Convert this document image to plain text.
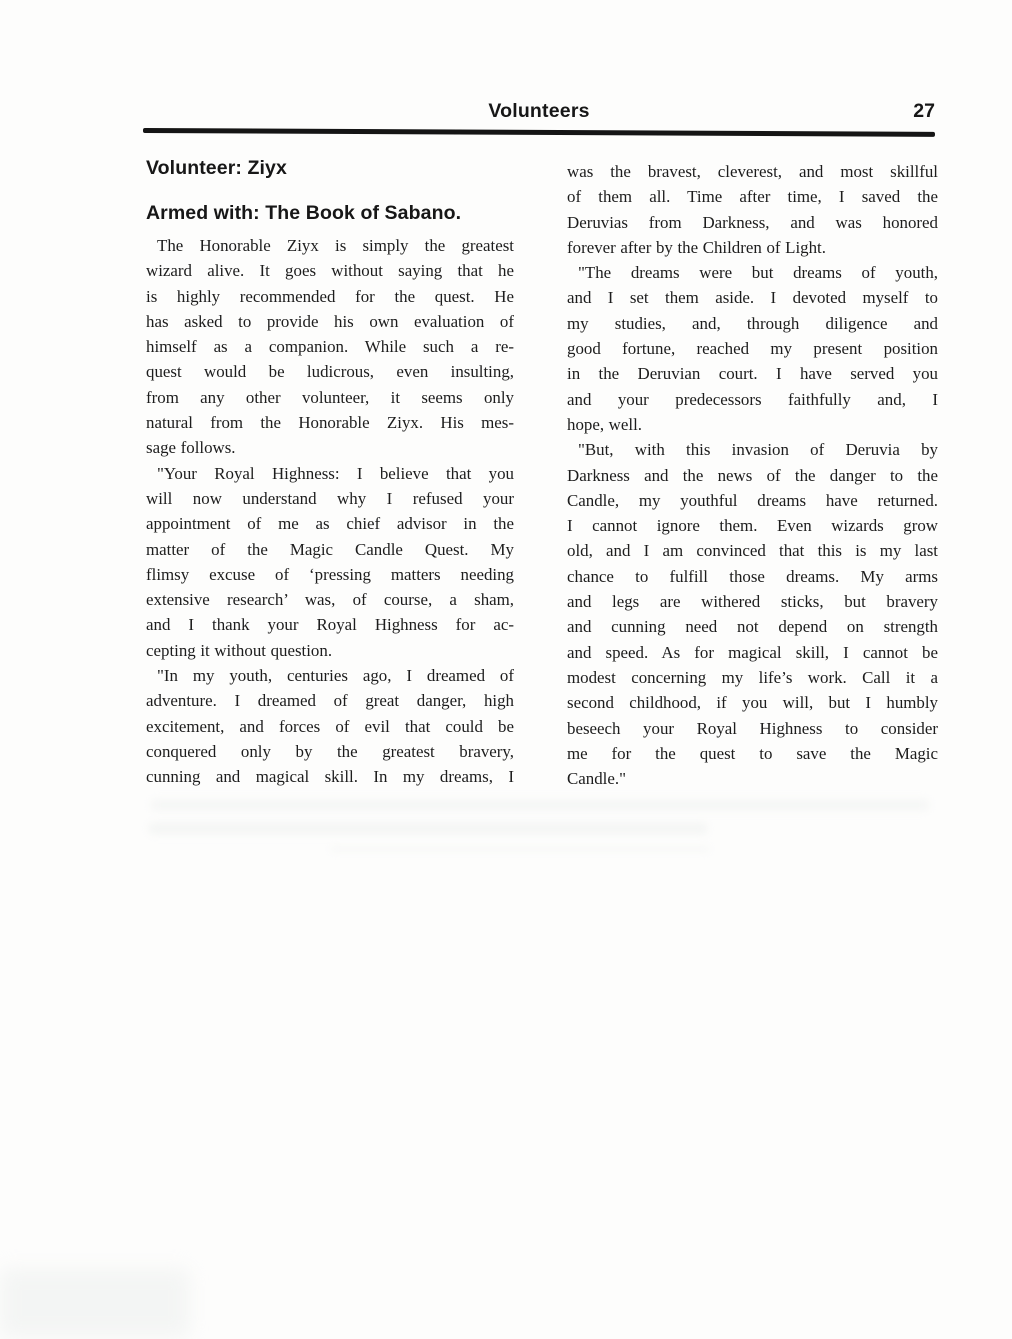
Volunteers	27
Volunteer: Ziyx
Armed with: The Book of Sabano.
The Honorable Ziyx is simply the greatest
wizard alive. It goes without saying that he
is highly recommended for the quest. He
has asked to provide his own evaluation of
himself as a companion. While such a re-
quest would be ludicrous, even insulting,
from any other volunteer, it seems only
natural from the Honorable Ziyx. His mes-
sage follows.
"Your Royal Highness: I believe that you
will now understand why I refused your
appointment of me as chief advisor in the
matter of the Magic Candle Quest. My
flimsy excuse of ‘pressing matters needing
extensive research’ was, of course, a sham,
and I thank your Royal Highness for ac-
cepting it without question.
"In my youth, centuries ago, I dreamed of
adventure. I dreamed of great danger, high
excitement, and forces of evil that could be
conquered only by the greatest bravery,
cunning and magical skill. In my dreams, I
was the bravest, cleverest, and most skillful
of them all. Time after time, I saved the
Deruvias from Darkness, and was honored
forever after by the Children of Light.
"The dreams were but dreams of youth,
and I set them aside. I devoted myself to
my studies, and, through diligence and
good fortune, reached my present position
in the Deruvian court. I have served you
and your predecessors faithfully and, I
hope, well.
"But, with this invasion of Deruvia by
Darkness and the news of the danger to the
Candle, my youthful dreams have returned.
I cannot ignore them. Even wizards grow
old, and I am convinced that this is my last
chance to fulfill those dreams. My arms
and legs are withered sticks, but bravery
and cunning need not depend on strength
and speed. As for magical skill, I cannot be
modest concerning my life’s work. Call it a
second childhood, if you will, but I humbly
beseech your Royal Highness to consider
me for the quest to save the Magic
Candle."
